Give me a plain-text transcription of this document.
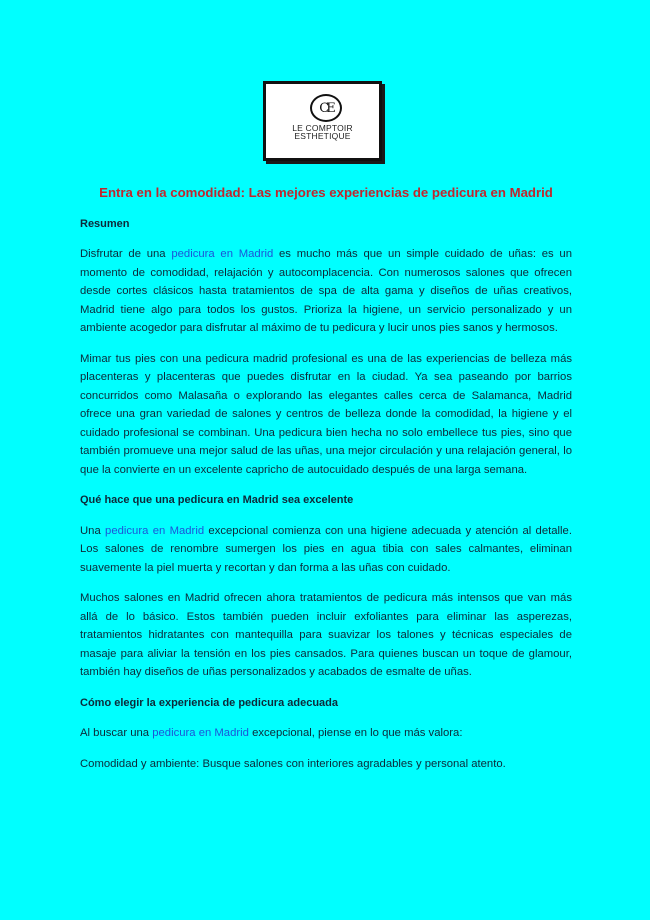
CE
LE COMPTOIR
ESTHETIQUE
Entra en la comodidad: Las mejores experiencias de pedicura en Madrid
Resumen

Disfrutar de una pedicura en Madrid es mucho más que un simple cuidado de uñas: es un momento de comodidad, relajación y autocomplacencia. Con numerosos salones que ofrecen desde cortes clásicos hasta tratamientos de spa de alta gama y diseños de uñas creativos, Madrid tiene algo para todos los gustos. Prioriza la higiene, un servicio personalizado y un ambiente acogedor para disfrutar al máximo de tu pedicura y lucir unos pies sanos y hermosos.

Mimar tus pies con una pedicura madrid profesional es una de las experiencias de belleza más placenteras y placenteras que puedes disfrutar en la ciudad. Ya sea paseando por barrios concurridos como Malasaña o explorando las elegantes calles cerca de Salamanca, Madrid ofrece una gran variedad de salones y centros de belleza donde la comodidad, la higiene y el cuidado profesional se combinan. Una pedicura bien hecha no solo embellece tus pies, sino que también promueve una mejor salud de las uñas, una mejor circulación y una relajación general, lo que la convierte en un excelente capricho de autocuidado después de una larga semana.

Qué hace que una pedicura en Madrid sea excelente

Una pedicura en Madrid excepcional comienza con una higiene adecuada y atención al detalle. Los salones de renombre sumergen los pies en agua tibia con sales calmantes, eliminan suavemente la piel muerta y recortan y dan forma a las uñas con cuidado.

Muchos salones en Madrid ofrecen ahora tratamientos de pedicura más intensos que van más allá de lo básico. Estos también pueden incluir exfoliantes para eliminar las asperezas, tratamientos hidratantes con mantequilla para suavizar los talones y técnicas especiales de masaje para aliviar la tensión en los pies cansados. Para quienes buscan un toque de glamour, también hay diseños de uñas personalizados y acabados de esmalte de uñas.

Cómo elegir la experiencia de pedicura adecuada

Al buscar una pedicura en Madrid excepcional, piense en lo que más valora:

Comodidad y ambiente: Busque salones con interiores agradables y personal atento.
